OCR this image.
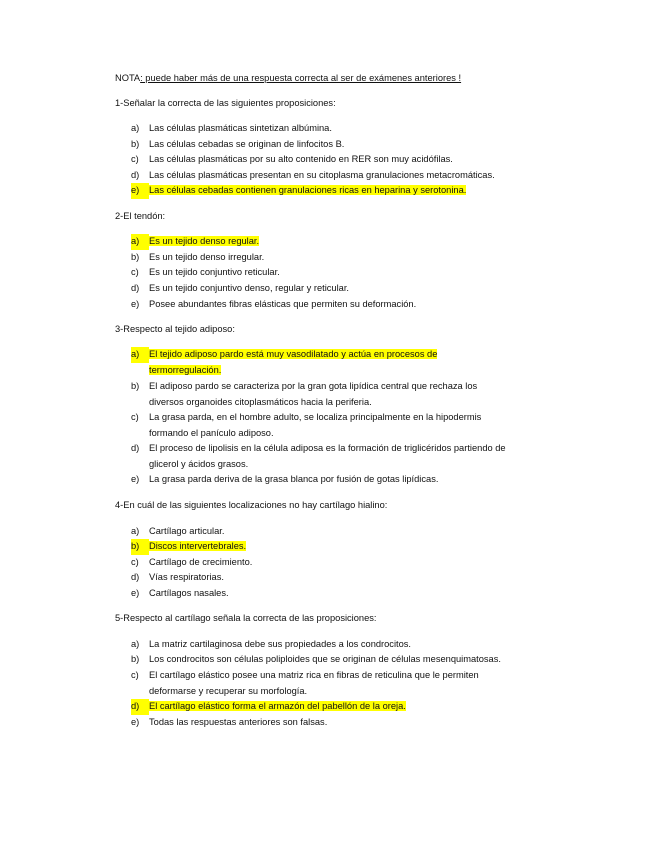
NOTA: puede haber más de una respuesta correcta al ser de exámenes anteriores !
1-Señalar la correcta de las siguientes proposiciones:
a)	Las células plasmáticas sintetizan albúmina.
b)	Las células cebadas se originan de linfocitos B.
c)	Las células plasmáticas por su alto contenido en RER son muy acidófilas.
d)	Las células plasmáticas presentan en su citoplasma granulaciones metacromáticas.
e)	Las células cebadas contienen granulaciones ricas en heparina y serotonina.
2-El tendón:
a)	Es un tejido denso regular.
b)	Es un tejido denso irregular.
c)	Es un tejido conjuntivo reticular.
d)	Es un tejido conjuntivo denso, regular y reticular.
e)	Posee abundantes fibras elásticas que permiten su deformación.
3-Respecto al tejido adiposo:
a)	El tejido adiposo pardo está muy vasodilatado y actúa en procesos de
termorregulación.
b)	El adiposo pardo se caracteriza por la gran gota lipídica central que rechaza los
diversos organoides citoplasmáticos hacia la periferia.
c)	La grasa parda, en el hombre adulto, se localiza principalmente en la hipodermis
formando el panículo adiposo.
d)	El proceso de lipolisis en la célula adiposa es la formación de triglicéridos partiendo de
glicerol y ácidos grasos.
e)	La grasa parda deriva de la grasa blanca por fusión de gotas lipídicas.
4-En cuál de las siguientes localizaciones no hay cartílago hialino:
a)	Cartílago articular.
b)	Discos intervertebrales.
c)	Cartílago de crecimiento.
d)	Vías respiratorias.
e)	Cartílagos nasales.
5-Respecto al cartílago señala la correcta de las proposiciones:
a)	La matriz cartilaginosa debe sus propiedades a los condrocitos.
b)	Los condrocitos son células poliploides que se originan de células mesenquimatosas.
c)	El cartílago elástico posee una matriz rica en fibras de reticulina que le permiten
deformarse y recuperar su morfología.
d)	El cartílago elástico forma el armazón del pabellón de la oreja.
e)	Todas las respuestas anteriores son falsas.
